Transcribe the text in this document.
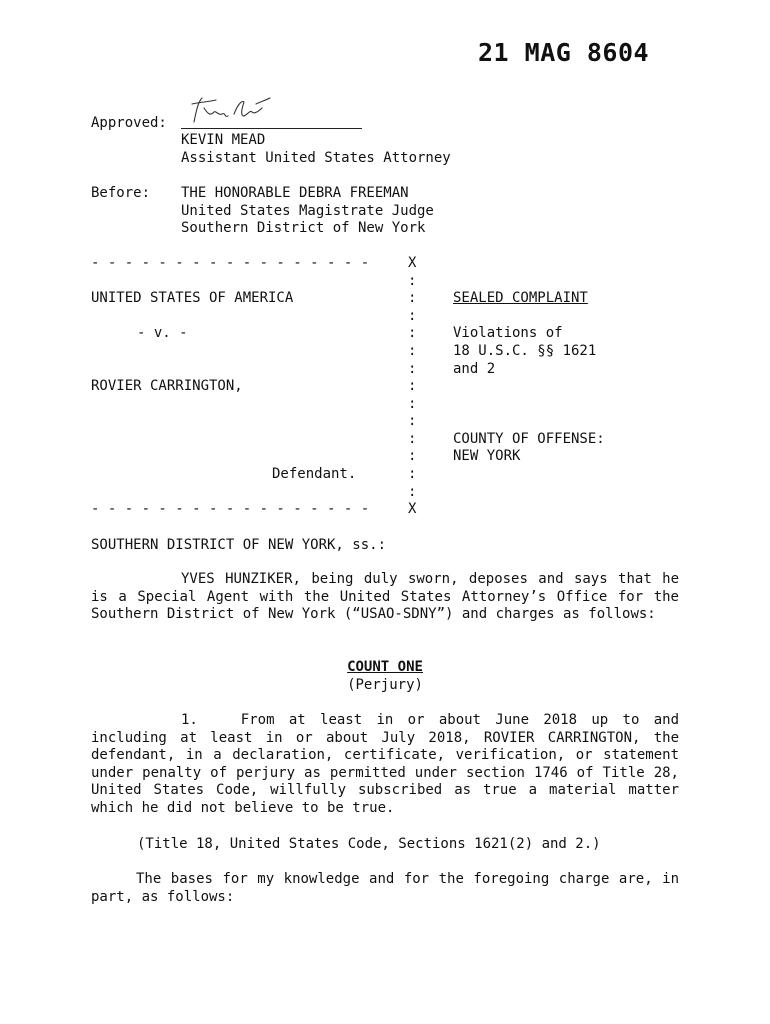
21 MAG 8604
Approved:
KEVIN MEAD
Assistant United States Attorney
Before: THE HONORABLE DEBRA FREEMAN
United States Magistrate Judge
Southern District of New York
- - - - - - - - - - - - - - - - -	X
:
:
:
:
:
:
:
:
:
:
:
:
:
UNITED STATES OF AMERICA
- v. -
ROVIER CARRINGTON,
Defendant.
SEALED COMPLAINT
Violations of
18 U.S.C. §§ 1621
and 2
COUNTY OF OFFENSE:
NEW YORK
- - - - - - - - - - - - - - - - -	X
SOUTHERN DISTRICT OF NEW YORK, ss.:
YVES HUNZIKER, being duly sworn, deposes and says that he is a Special Agent with the United States Attorney’s Office for the Southern District of New York (“USAO-SDNY”) and charges as follows:
COUNT ONE
(Perjury)
1.   From at least in or about June 2018 up to and including at least in or about July 2018, ROVIER CARRINGTON, the defendant, in a declaration, certificate, verification, or statement under penalty of perjury as permitted under section 1746 of Title 28, United States Code, willfully subscribed as true a material matter which he did not believe to be true.
(Title 18, United States Code, Sections 1621(2) and 2.)
The bases for my knowledge and for the foregoing charge are, in part, as follows:
